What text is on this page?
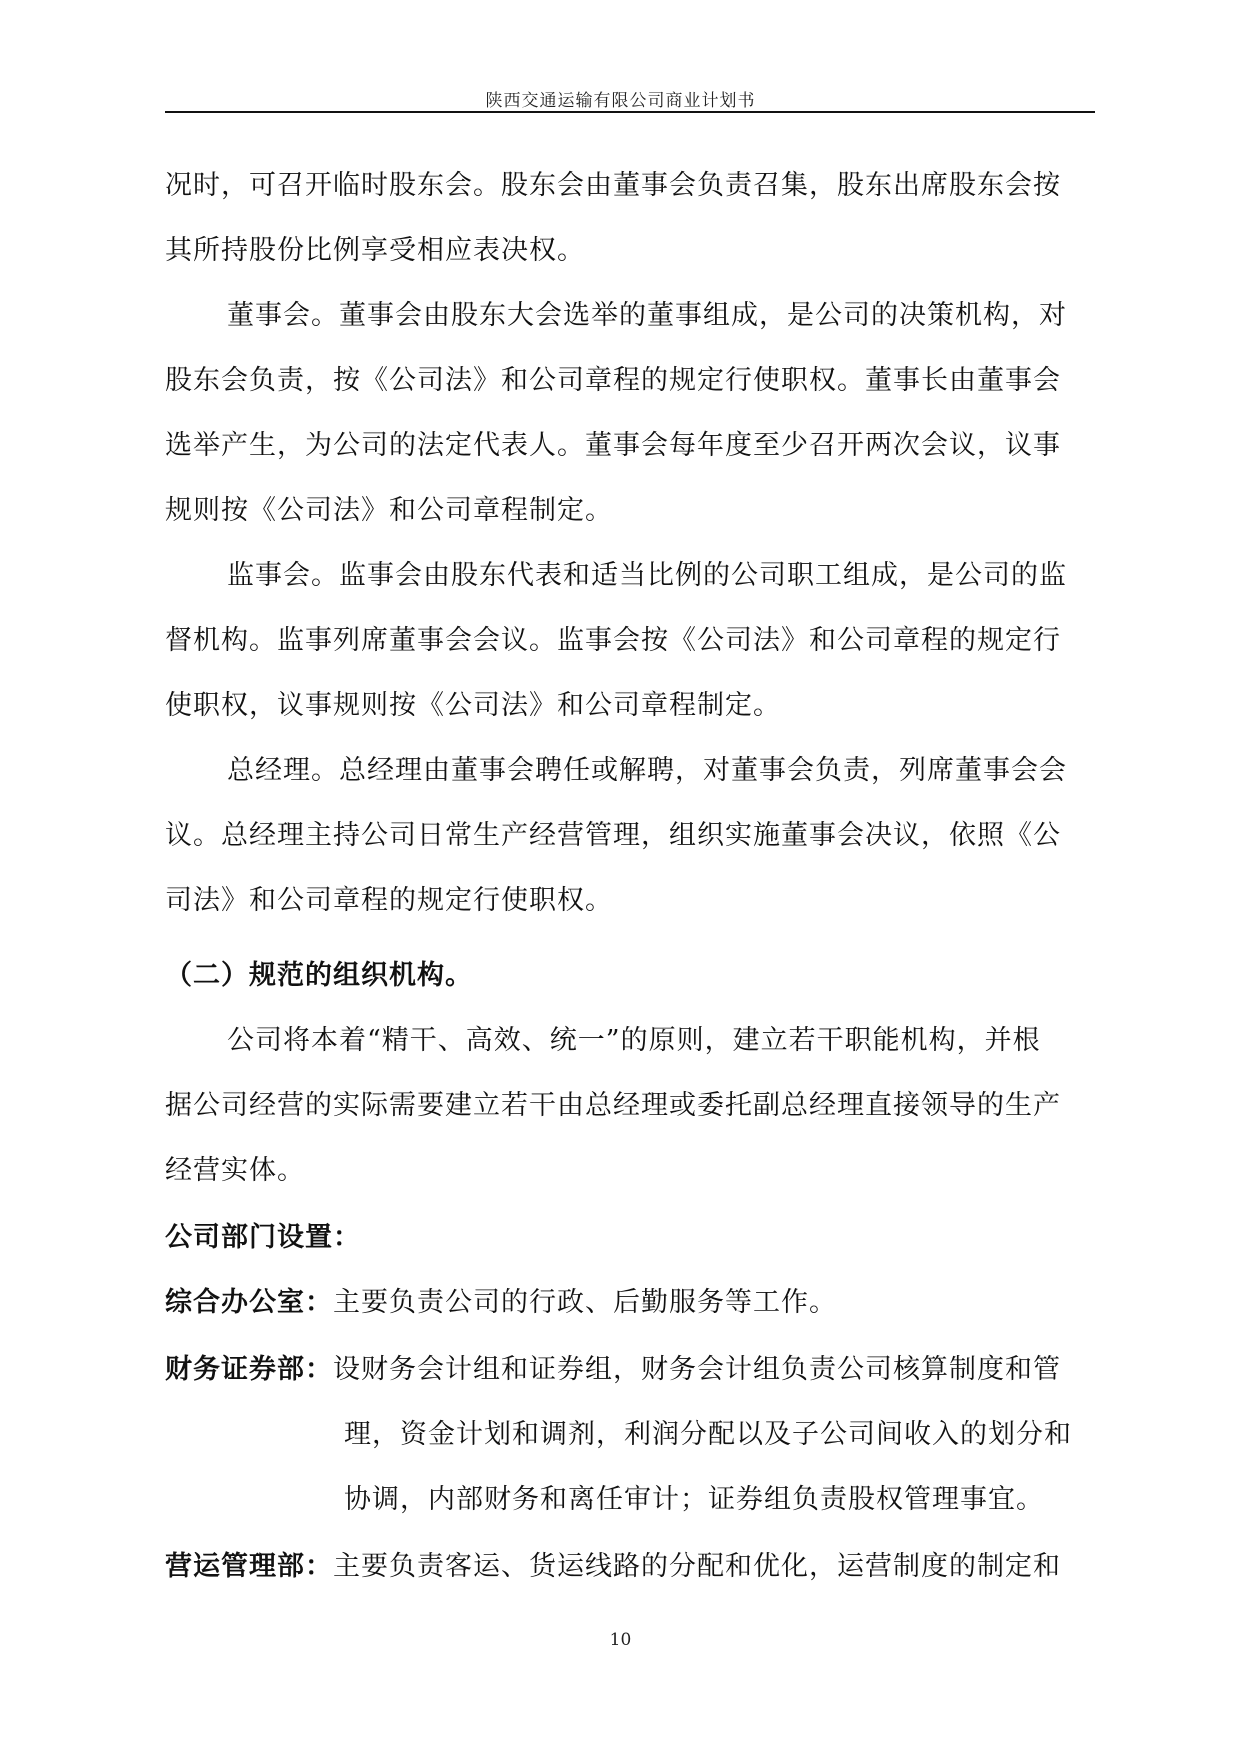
陕西交通运输有限公司商业计划书
况时，可召开临时股东会。股东会由董事会负责召集，股东出席股东会按
其所持股份比例享受相应表决权。
董事会。董事会由股东大会选举的董事组成，是公司的决策机构，对
股东会负责，按《公司法》和公司章程的规定行使职权。董事长由董事会
选举产生，为公司的法定代表人。董事会每年度至少召开两次会议，议事
规则按《公司法》和公司章程制定。
监事会。监事会由股东代表和适当比例的公司职工组成，是公司的监
督机构。监事列席董事会会议。监事会按《公司法》和公司章程的规定行
使职权，议事规则按《公司法》和公司章程制定。
总经理。总经理由董事会聘任或解聘，对董事会负责，列席董事会会
议。总经理主持公司日常生产经营管理，组织实施董事会决议，依照《公
司法》和公司章程的规定行使职权。
（二）规范的组织机构。
公司将本着“精干、高效、统一”的原则，建立若干职能机构，并根
据公司经营的实际需要建立若干由总经理或委托副总经理直接领导的生产
经营实体。
公司部门设置：
综合办公室：主要负责公司的行政、后勤服务等工作。
财务证券部：设财务会计组和证券组，财务会计组负责公司核算制度和管
理，资金计划和调剂，利润分配以及子公司间收入的划分和
协调，内部财务和离任审计；证券组负责股权管理事宜。
营运管理部：主要负责客运、货运线路的分配和优化，运营制度的制定和
10
